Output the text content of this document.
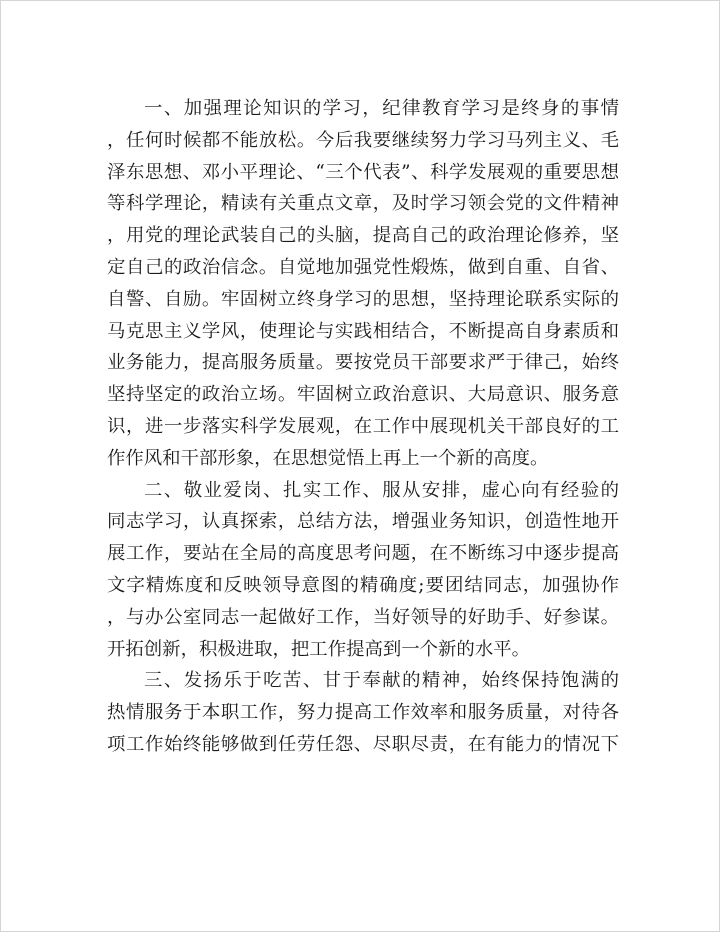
一、加强理论知识的学习，纪律教育学习是终身的事情
，任何时候都不能放松。今后我要继续努力学习马列主义、毛
泽东思想、邓小平理论、“三个代表”、科学发展观的重要思想
等科学理论，精读有关重点文章，及时学习领会党的文件精神
，用党的理论武装自己的头脑，提高自己的政治理论修养，坚
定自己的政治信念。自觉地加强党性煅炼，做到自重、自省、
自警、自励。牢固树立终身学习的思想，坚持理论联系实际的
马克思主义学风，使理论与实践相结合，不断提高自身素质和
业务能力，提高服务质量。要按党员干部要求严于律己，始终
坚持坚定的政治立场。牢固树立政治意识、大局意识、服务意
识，进一步落实科学发展观，在工作中展现机关干部良好的工
作作风和干部形象，在思想觉悟上再上一个新的高度。
二、敬业爱岗、扎实工作、服从安排，虚心向有经验的
同志学习，认真探索，总结方法，增强业务知识，创造性地开
展工作，要站在全局的高度思考问题，在不断练习中逐步提高
文字精炼度和反映领导意图的精确度;要团结同志，加强协作
，与办公室同志一起做好工作，当好领导的好助手、好参谋。
开拓创新，积极进取，把工作提高到一个新的水平。
三、发扬乐于吃苦、甘于奉献的精神，始终保持饱满的
热情服务于本职工作，努力提高工作效率和服务质量，对待各
项工作始终能够做到任劳任怨、尽职尽责，在有能力的情况下
